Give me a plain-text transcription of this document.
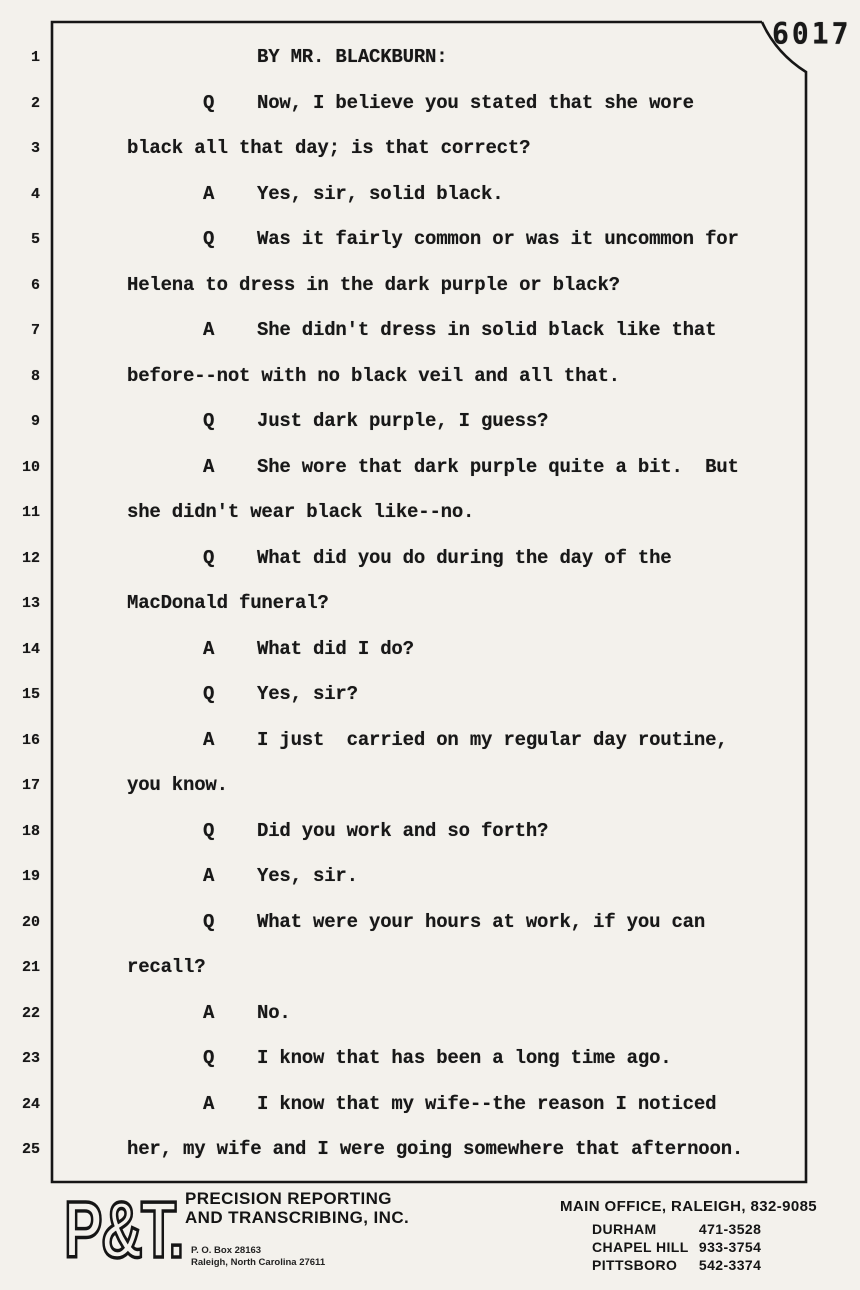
6017
1	BY MR. BLACKBURN:
2	Q Now, I believe you stated that she wore
3	black all that day; is that correct?
4	A Yes, sir, solid black.
5	Q Was it fairly common or was it uncommon for
6	Helena to dress in the dark purple or black?
7	A She didn't dress in solid black like that
8	before--not with no black veil and all that.
9	Q Just dark purple, I guess?
10	A She wore that dark purple quite a bit.  But
11	she didn't wear black like--no.
12	Q What did you do during the day of the
13	MacDonald funeral?
14	A What did I do?
15	Q Yes, sir?
16	A I just  carried on my regular day routine,
17	you know.
18	Q Did you work and so forth?
19	A Yes, sir.
20	Q What were your hours at work, if you can
21	recall?
22	A No.
23	Q I know that has been a long time ago.
24	A I know that my wife--the reason I noticed
25	her, my wife and I were going somewhere that afternoon.
P&T. PRECISION REPORTING
AND TRANSCRIBING, INC.
P. O. Box 28163
Raleigh, North Carolina 27611
MAIN OFFICE, RALEIGH, 832-9085
DURHAM	471-3528
CHAPEL HILL 933-3754
PITTSBORO 542-3374
